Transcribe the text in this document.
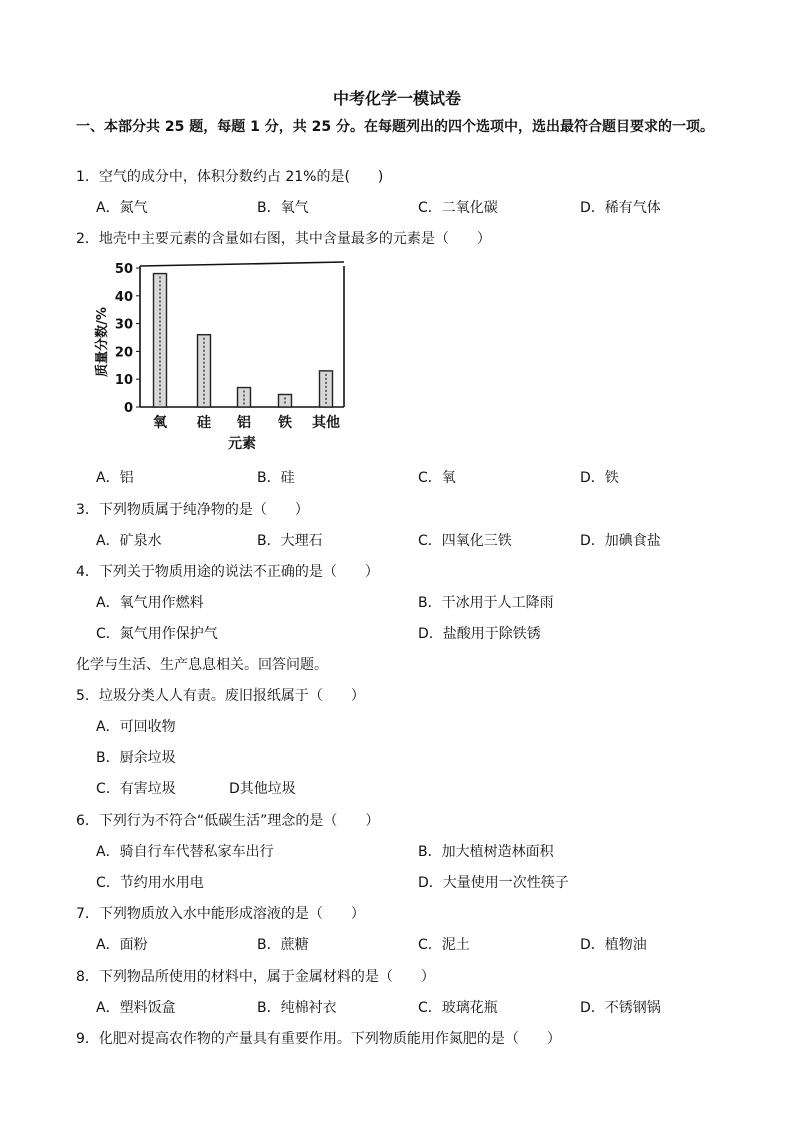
中考化学一模试卷
一、本部分共 25 题，每题 1 分，共 25 分。在每题列出的四个选项中，选出最符合题目要求的一项。
1．空气的成分中，体积分数约占 21%的是(　　)
A．氮气	B．氧气	C．二氧化碳	D．稀有气体
2．地壳中主要元素的含量如右图，其中含量最多的元素是（　　）
0
10
20
30
40
50
质量分数/%
氧 硅 铝 铁 其他
元素
A．铝	B．硅	C．氧	D．铁
3．下列物质属于纯净物的是（　　）
A．矿泉水	B．大理石	C．四氧化三铁	D．加碘食盐
4．下列关于物质用途的说法不正确的是（　　）
A．氧气用作燃料	B．干冰用于人工降雨
C．氮气用作保护气	D．盐酸用于除铁锈
化学与生活、生产息息相关。回答问题。
5．垃圾分类人人有责。废旧报纸属于（　　）
A．可回收物
B．厨余垃圾
C．有害垃圾	D其他垃圾
6．下列行为不符合“低碳生活”理念的是（　　）
A．骑自行车代替私家车出行	B．加大植树造林面积
C．节约用水用电	D．大量使用一次性筷子
7．下列物质放入水中能形成溶液的是（　　）
A．面粉	B．蔗糖	C．泥土	D．植物油
8．下列物品所使用的材料中，属于金属材料的是（　　）
A．塑料饭盒	B．纯棉衬衣	C．玻璃花瓶	D．不锈钢锅
9．化肥对提高农作物的产量具有重要作用。下列物质能用作氮肥的是（　　）
